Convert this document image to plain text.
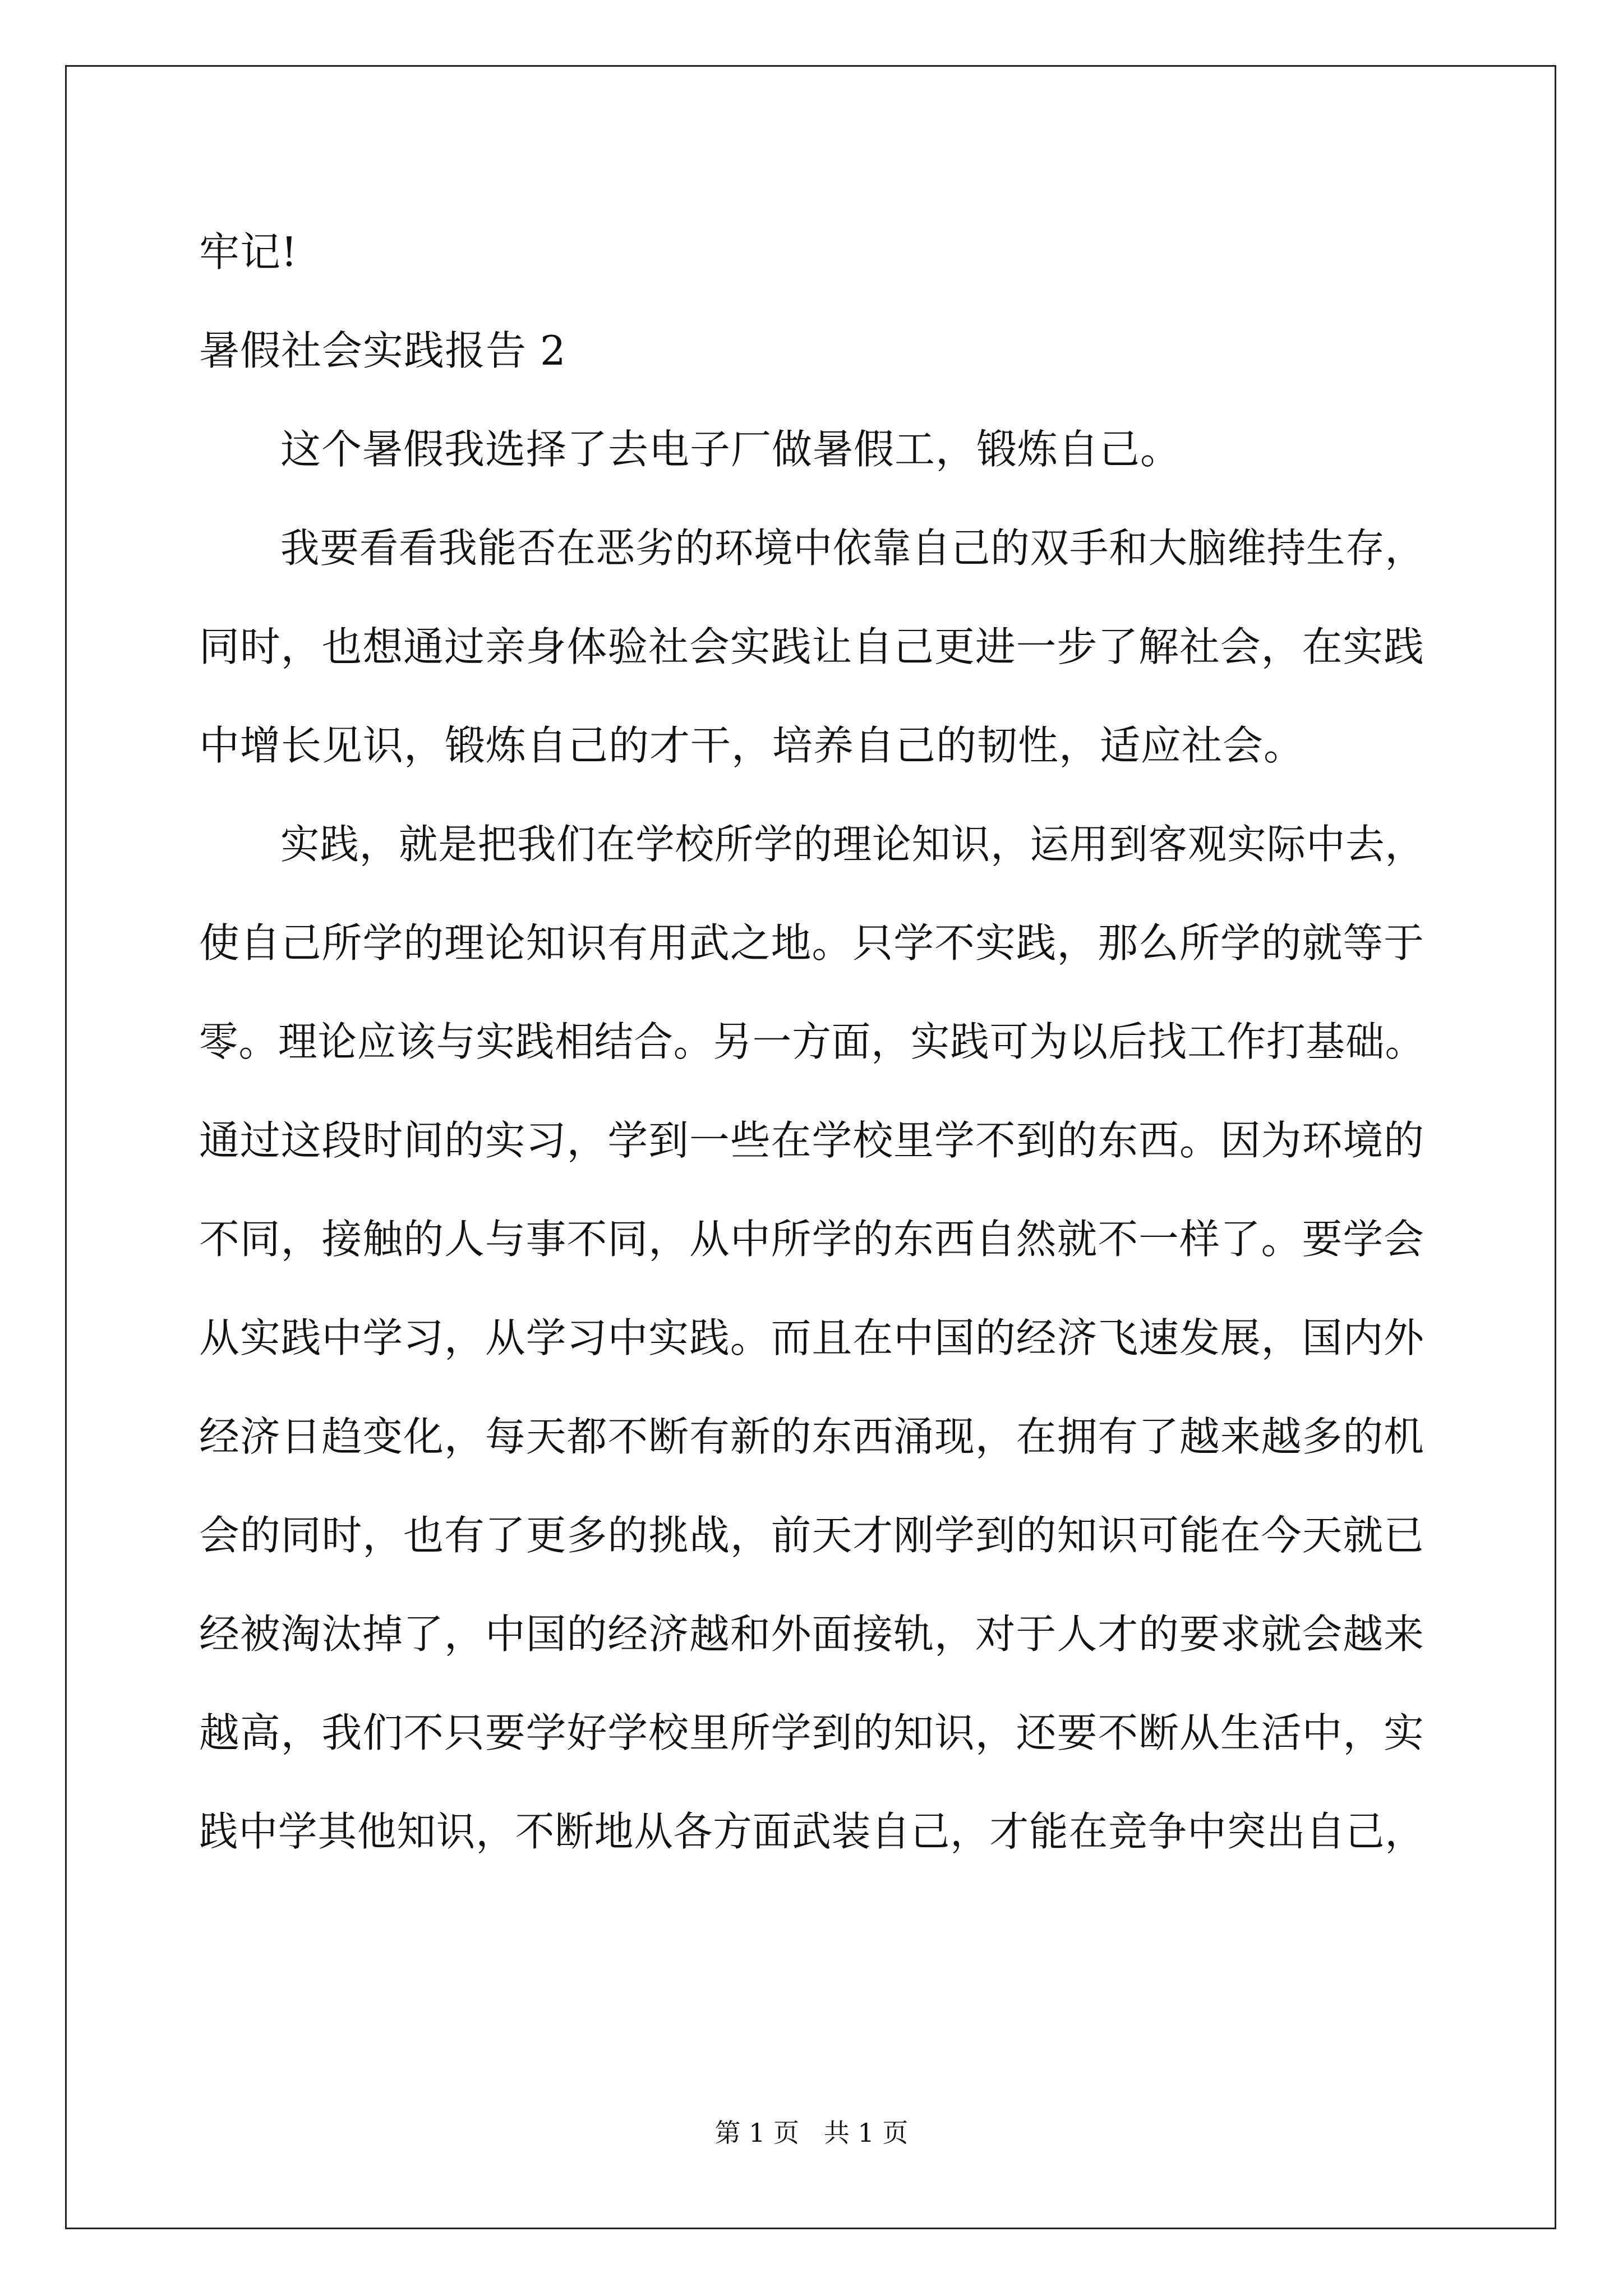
牢记!
暑假社会实践报告 2
这个暑假我选择了去电子厂做暑假工，锻炼自己。
我要看看我能否在恶劣的环境中依靠自己的双手和大脑维持生存，
同时，也想通过亲身体验社会实践让自己更进一步了解社会，在实践
中增长见识，锻炼自己的才干，培养自己的韧性，适应社会。
实践，就是把我们在学校所学的理论知识，运用到客观实际中去，
使自己所学的理论知识有用武之地。只学不实践，那么所学的就等于
零。理论应该与实践相结合。另一方面，实践可为以后找工作打基础。
通过这段时间的实习，学到一些在学校里学不到的东西。因为环境的
不同，接触的人与事不同，从中所学的东西自然就不一样了。要学会
从实践中学习，从学习中实践。而且在中国的经济飞速发展，国内外
经济日趋变化，每天都不断有新的东西涌现，在拥有了越来越多的机
会的同时，也有了更多的挑战，前天才刚学到的知识可能在今天就已
经被淘汰掉了，中国的经济越和外面接轨，对于人才的要求就会越来
越高，我们不只要学好学校里所学到的知识，还要不断从生活中，实
践中学其他知识，不断地从各方面武装自己，才能在竞争中突出自己，
第 1 页   共 1 页
